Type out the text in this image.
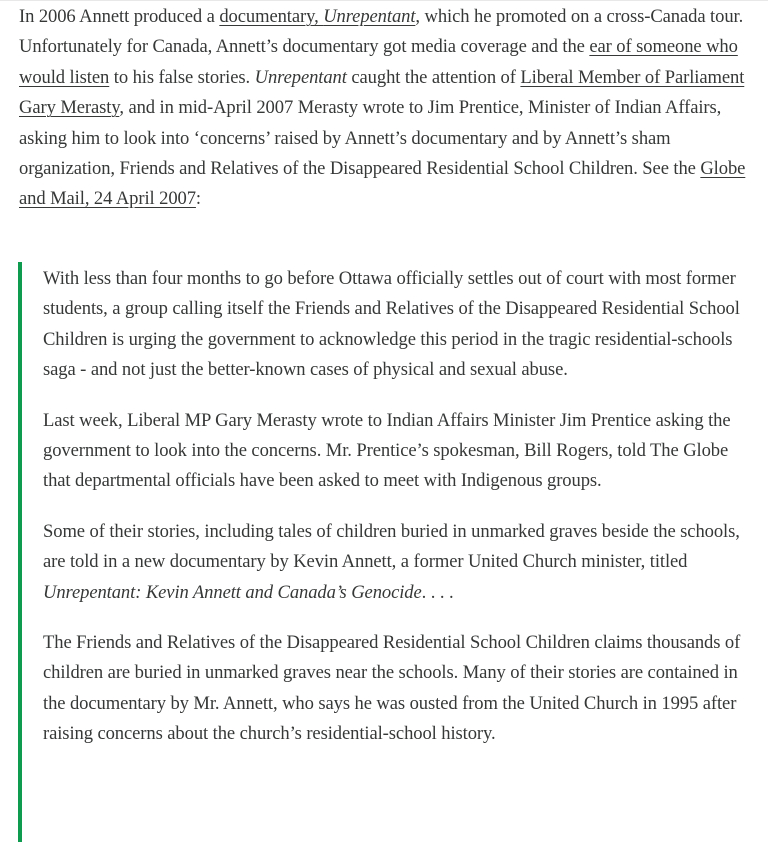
In 2006 Annett produced a documentary, Unrepentant, which he promoted on a cross-Canada tour. Unfortunately for Canada, Annett’s documentary got media coverage and the ear of someone who would listen to his false stories. Unrepentant caught the attention of Liberal Member of Parliament Gary Merasty, and in mid-April 2007 Merasty wrote to Jim Prentice, Minister of Indian Affairs, asking him to look into ‘concerns’ raised by Annett’s documentary and by Annett’s sham organization, Friends and Relatives of the Disappeared Residential School Children. See the Globe and Mail, 24 April 2007:

With less than four months to go before Ottawa officially settles out of court with most former students, a group calling itself the Friends and Relatives of the Disappeared Residential School Children is urging the government to acknowledge this period in the tragic residential-schools saga - and not just the better-known cases of physical and sexual abuse.

Last week, Liberal MP Gary Merasty wrote to Indian Affairs Minister Jim Prentice asking the government to look into the concerns. Mr. Prentice’s spokesman, Bill Rogers, told The Globe that departmental officials have been asked to meet with Indigenous groups.

Some of their stories, including tales of children buried in unmarked graves beside the schools, are told in a new documentary by Kevin Annett, a former United Church minister, titled Unrepentant: Kevin Annett and Canada’s Genocide. . . .

The Friends and Relatives of the Disappeared Residential School Children claims thousands of children are buried in unmarked graves near the schools. Many of their stories are contained in the documentary by Mr. Annett, who says he was ousted from the United Church in 1995 after raising concerns about the church’s residential-school history.
